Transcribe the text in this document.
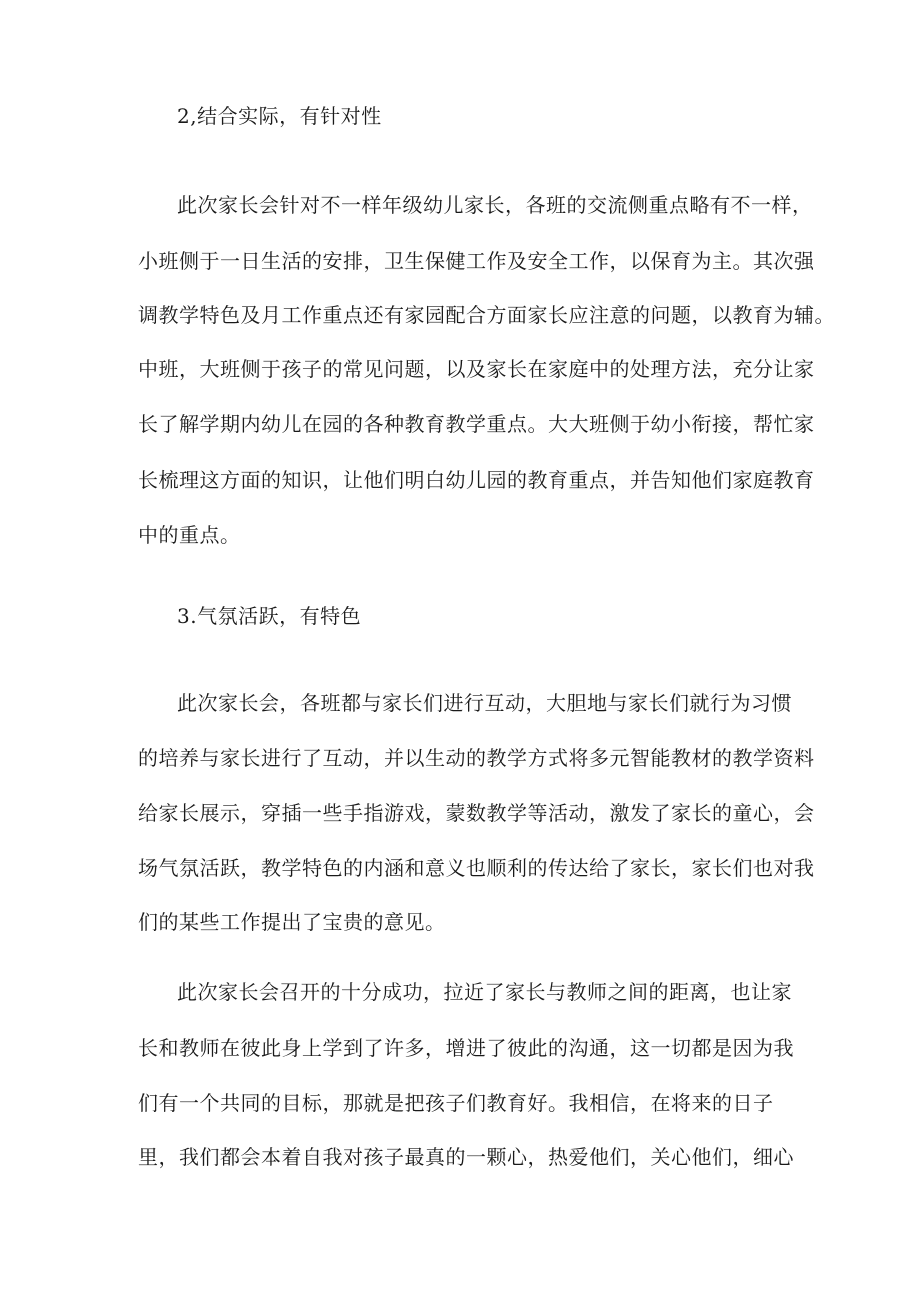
2,结合实际，有针对性
此次家长会针对不一样年级幼儿家长，各班的交流侧重点略有不一样，
小班侧于一日生活的安排，卫生保健工作及安全工作，以保育为主。其次强
调教学特色及月工作重点还有家园配合方面家长应注意的问题，以教育为辅。
中班，大班侧于孩子的常见问题，以及家长在家庭中的处理方法，充分让家
长了解学期内幼儿在园的各种教育教学重点。大大班侧于幼小衔接，帮忙家
长梳理这方面的知识，让他们明白幼儿园的教育重点，并告知他们家庭教育
中的重点。
3.气氛活跃，有特色
此次家长会，各班都与家长们进行互动，大胆地与家长们就行为习惯
的培养与家长进行了互动，并以生动的教学方式将多元智能教材的教学资料
给家长展示，穿插一些手指游戏，蒙数教学等活动，激发了家长的童心，会
场气氛活跃，教学特色的内涵和意义也顺利的传达给了家长，家长们也对我
们的某些工作提出了宝贵的意见。
此次家长会召开的十分成功，拉近了家长与教师之间的距离，也让家
长和教师在彼此身上学到了许多，增进了彼此的沟通，这一切都是因为我
们有一个共同的目标，那就是把孩子们教育好。我相信，在将来的日子
里，我们都会本着自我对孩子最真的一颗心，热爱他们，关心他们，细心
